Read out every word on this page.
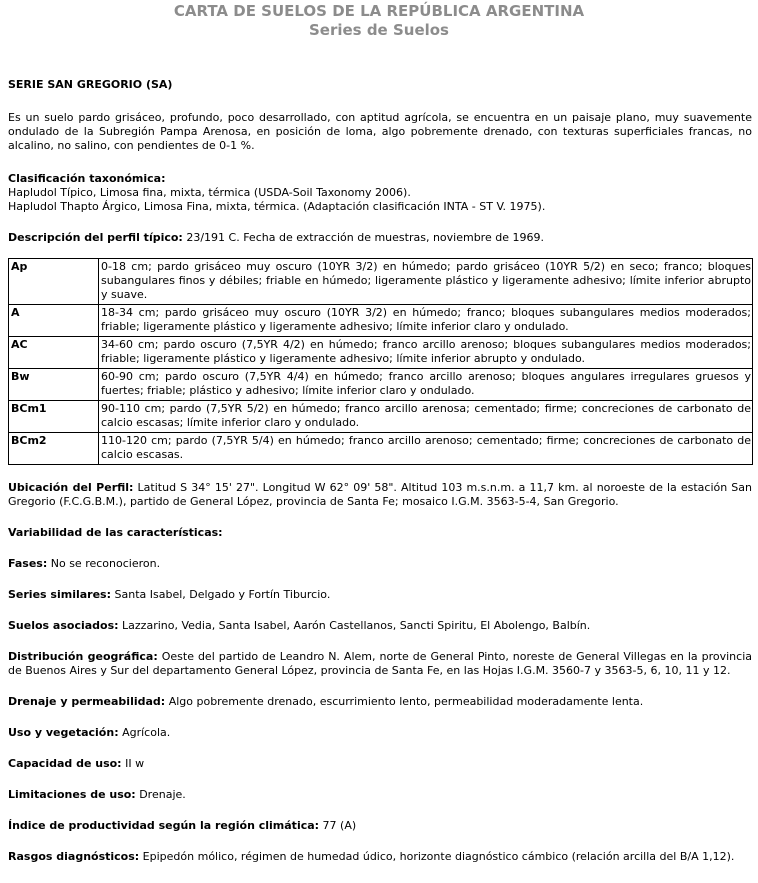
CARTA DE SUELOS DE LA REPÚBLICA ARGENTINA
Series de Suelos

SERIE SAN GREGORIO (SA)

Es un suelo pardo grisáceo, profundo, poco desarrollado, con aptitud agrícola, se encuentra en un paisaje plano, muy suavemente ondulado de la Subregión Pampa Arenosa, en posición de loma, algo pobremente drenado, con texturas superficiales francas, no alcalino, no salino, con pendientes de 0-1 %.

Clasificación taxonómica:
Hapludol Típico, Limosa fina, mixta, térmica (USDA-Soil Taxonomy 2006).
Hapludol Thapto Árgico, Limosa Fina, mixta, térmica. (Adaptación clasificación INTA - ST V. 1975).

Descripción del perfil típico: 23/191 C. Fecha de extracción de muestras, noviembre de 1969.

Ap	0-18 cm; pardo grisáceo muy oscuro (10YR 3/2) en húmedo; pardo grisáceo (10YR 5/2) en seco; franco; bloques subangulares finos y débiles; friable en húmedo; ligeramente plástico y ligeramente adhesivo; límite inferior abrupto y suave.
A	18-34 cm; pardo grisáceo muy oscuro (10YR 3/2) en húmedo; franco; bloques subangulares medios moderados; friable; ligeramente plástico y ligeramente adhesivo; límite inferior claro y ondulado.
AC	34-60 cm; pardo oscuro (7,5YR 4/2) en húmedo; franco arcillo arenoso; bloques subangulares medios moderados; friable; ligeramente plástico y ligeramente adhesivo; límite inferior abrupto y ondulado.
Bw	60-90 cm; pardo oscuro (7,5YR 4/4) en húmedo; franco arcillo arenoso; bloques angulares irregulares gruesos y fuertes; friable; plástico y adhesivo; límite inferior claro y ondulado.
BCm1	90-110 cm; pardo (7,5YR 5/2) en húmedo; franco arcillo arenosa; cementado; firme; concreciones de carbonato de calcio escasas; límite inferior claro y ondulado.
BCm2	110-120 cm; pardo (7,5YR 5/4) en húmedo; franco arcillo arenoso; cementado; firme; concreciones de carbonato de calcio escasas.

Ubicación del Perfil: Latitud S 34° 15' 27". Longitud W 62° 09' 58". Altitud 103 m.s.n.m. a 11,7 km. al noroeste de la estación San Gregorio (F.C.G.B.M.), partido de General López, provincia de Santa Fe; mosaico I.G.M. 3563-5-4, San Gregorio.

Variabilidad de las características:

Fases: No se reconocieron.

Series similares: Santa Isabel, Delgado y Fortín Tiburcio.

Suelos asociados: Lazzarino, Vedia, Santa Isabel, Aarón Castellanos, Sancti Spiritu, El Abolengo, Balbín.

Distribución geográfica: Oeste del partido de Leandro N. Alem, norte de General Pinto, noreste de General Villegas en la provincia de Buenos Aires y Sur del departamento General López, provincia de Santa Fe, en las Hojas I.G.M. 3560-7 y 3563-5, 6, 10, 11 y 12.

Drenaje y permeabilidad: Algo pobremente drenado, escurrimiento lento, permeabilidad moderadamente lenta.

Uso y vegetación: Agrícola.

Capacidad de uso: II w

Limitaciones de uso: Drenaje.

Índice de productividad según la región climática: 77 (A)

Rasgos diagnósticos: Epipedón mólico, régimen de humedad údico, horizonte diagnóstico cámbico (relación arcilla del B/A 1,12).
